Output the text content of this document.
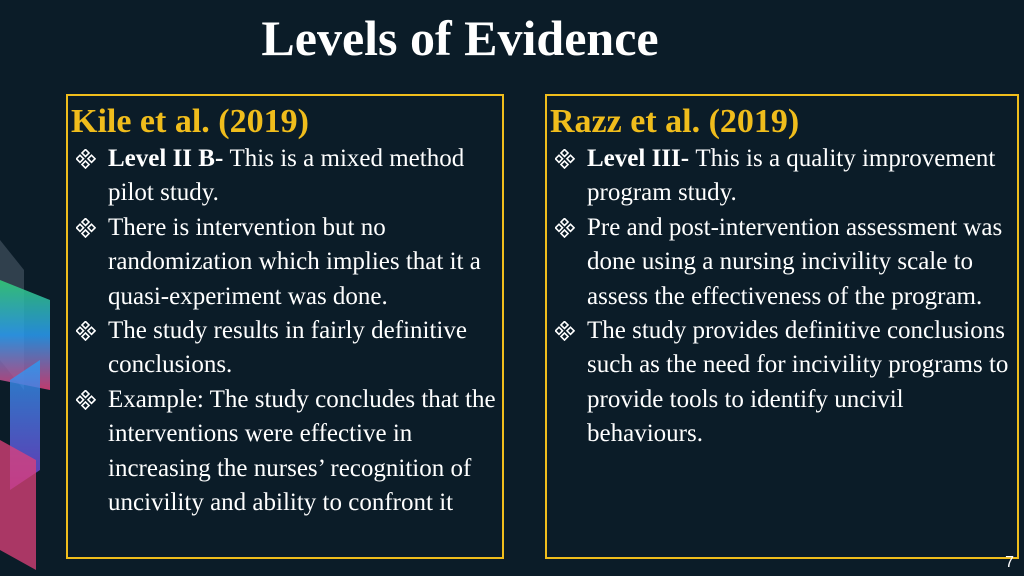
Levels of Evidence
Kile et al. (2019)
Level II B- This is a mixed method pilot study.
There is intervention but no randomization which implies that it a quasi-experiment was done.
The study results in fairly definitive conclusions.
Example: The study concludes that the interventions were effective in increasing the nurses’ recognition of uncivility and ability to confront it
Razz et al. (2019)
Level III- This is a quality improvement program study.
Pre and post-intervention assessment was done using a nursing incivility scale to assess the effectiveness of the program.
The study provides definitive conclusions such as the need for incivility programs to provide tools to identify uncivil behaviours.
7
